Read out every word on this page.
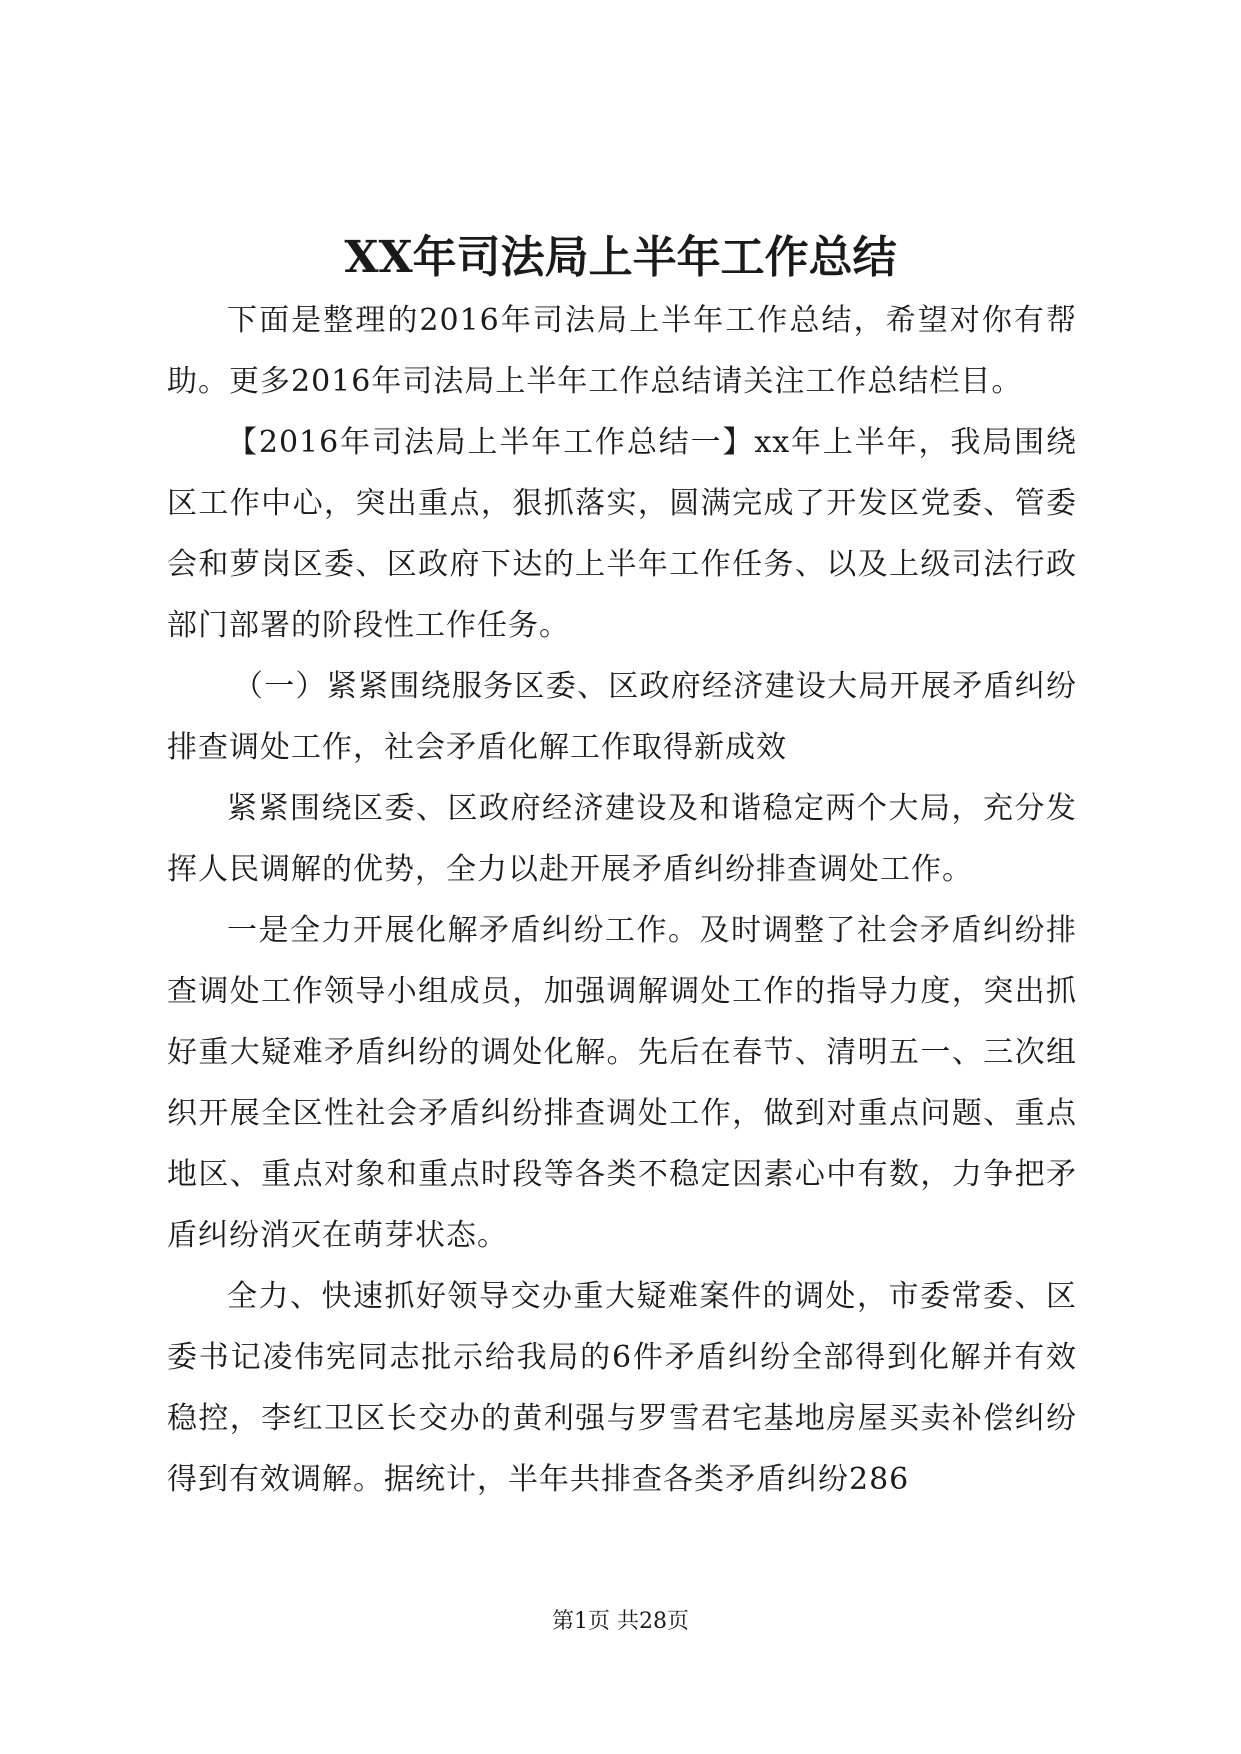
XX年司法局上半年工作总结

下面是整理的2016年司法局上半年工作总结，希望对你有帮助。更多2016年司法局上半年工作总结请关注工作总结栏目。

【2016年司法局上半年工作总结一】xx年上半年，我局围绕区工作中心，突出重点，狠抓落实，圆满完成了开发区党委、管委会和萝岗区委、区政府下达的上半年工作任务、以及上级司法行政部门部署的阶段性工作任务。

（一）紧紧围绕服务区委、区政府经济建设大局开展矛盾纠纷排查调处工作，社会矛盾化解工作取得新成效

紧紧围绕区委、区政府经济建设及和谐稳定两个大局，充分发挥人民调解的优势，全力以赴开展矛盾纠纷排查调处工作。

一是全力开展化解矛盾纠纷工作。及时调整了社会矛盾纠纷排查调处工作领导小组成员，加强调解调处工作的指导力度，突出抓好重大疑难矛盾纠纷的调处化解。先后在春节、清明五一、三次组织开展全区性社会矛盾纠纷排查调处工作，做到对重点问题、重点地区、重点对象和重点时段等各类不稳定因素心中有数，力争把矛盾纠纷消灭在萌芽状态。

全力、快速抓好领导交办重大疑难案件的调处，市委常委、区委书记凌伟宪同志批示给我局的6件矛盾纠纷全部得到化解并有效稳控，李红卫区长交办的黄利强与罗雪君宅基地房屋买卖补偿纠纷得到有效调解。据统计，半年共排查各类矛盾纠纷286

第1页 共28页
